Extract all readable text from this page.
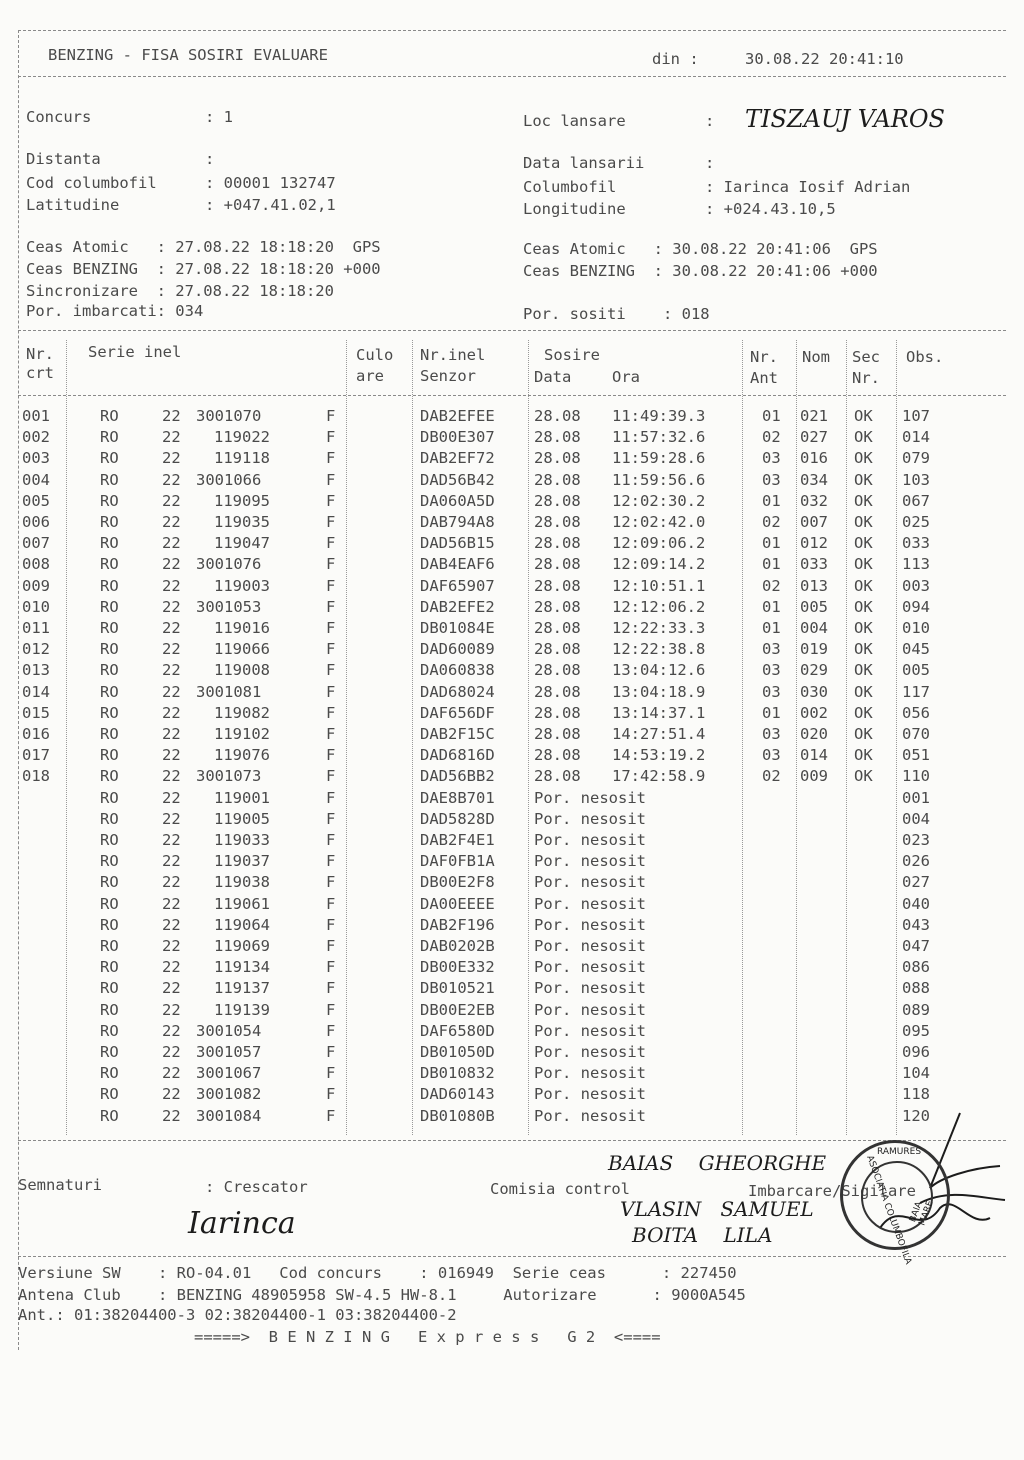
BENZING - FISA SOSIRI EVALUARE	din :	30.08.22 20:41:10
Concurs	: 1
Distanta	:
Cod columbofil	: 00001 132747
Latitudine	: +047.41.02,1
Loc lansare	: TISZAUJ VAROS
Data lansarii	:
Columbofil	: Iarinca Iosif Adrian
Longitudine	: +024.43.10,5
Ceas Atomic   : 27.08.22 18:18:20  GPS
Ceas BENZING  : 27.08.22 18:18:20 +000
Sincronizare  : 27.08.22 18:18:20
Por. imbarcati: 034
Ceas Atomic   : 30.08.22 20:41:06  GPS
Ceas BENZING  : 30.08.22 20:41:06 +000
Por. sositi    : 018
Nr.
crt
Serie inel	Culo
are
Nr.inel
Senzor
Sosire
Data	Ora
Nr.
Ant
Nom Sec
Nr.
Obs.
001	RO	22 3001070	F	DAB2EFEE	28.08 11:49:39.3	01 021 OK 107
002	RO	22 119022	F	DB00E307	28.08 11:57:32.6	02 027 OK 014
003	RO	22 119118	F	DAB2EF72	28.08 11:59:28.6	03 016 OK 079
004	RO	22 3001066	F	DAD56B42	28.08 11:59:56.6	03 034 OK 103
005	RO	22 119095	F	DA060A5D	28.08 12:02:30.2	01 032 OK 067
006	RO	22 119035	F	DAB794A8	28.08 12:02:42.0	02 007 OK 025
007	RO	22 119047	F	DAD56B15	28.08 12:09:06.2	01 012 OK 033
008	RO	22 3001076	F	DAB4EAF6	28.08 12:09:14.2	01 033 OK 113
009	RO	22 119003	F	DAF65907	28.08 12:10:51.1	02 013 OK 003
010	RO	22 3001053	F	DAB2EFE2	28.08 12:12:06.2	01 005 OK 094
011	RO	22 119016	F	DB01084E	28.08 12:22:33.3	01 004 OK 010
012	RO	22 119066	F	DAD60089	28.08 12:22:38.8	03 019 OK 045
013	RO	22 119008	F	DA060838	28.08 13:04:12.6	03 029 OK 005
014	RO	22 3001081	F	DAD68024	28.08 13:04:18.9	03 030 OK 117
015	RO	22 119082	F	DAF656DF	28.08 13:14:37.1	01 002 OK 056
016	RO	22 119102	F	DAB2F15C	28.08 14:27:51.4	03 020 OK 070
017	RO	22 119076	F	DAD6816D	28.08 14:53:19.2	03 014 OK 051
018	RO	22 3001073	F	DAD56BB2	28.08 17:42:58.9	02 009 OK 110
RO	22 119001	F	DAE8B701	Por. nesosit	001
RO	22 119005	F	DAD5828D	Por. nesosit	004
RO	22 119033	F	DAB2F4E1	Por. nesosit	023
RO	22 119037	F	DAF0FB1A	Por. nesosit	026
RO	22 119038	F	DB00E2F8	Por. nesosit	027
RO	22 119061	F	DA00EEEE	Por. nesosit	040
RO	22 119064	F	DAB2F196	Por. nesosit	043
RO	22 119069	F	DAB0202B	Por. nesosit	047
RO	22 119134	F	DB00E332	Por. nesosit	086
RO	22 119137	F	DB010521	Por. nesosit	088
RO	22 119139	F	DB00E2EB	Por. nesosit	089
RO	22 3001054	F	DAF6580D	Por. nesosit	095
RO	22 3001057	F	DB01050D	Por. nesosit	096
RO	22 3001067	F	DB010832	Por. nesosit	104
RO	22 3001082	F	DAD60143	Por. nesosit	118
RO	22 3001084	F	DB01080B	Por. nesosit	120
Semnaturi	: Crescator	Comisia control	Imbarcare/Sigilare
BAIAS    GHEORGHE
VLASIN   SAMUEL
BOITA    LILA
Iarinca
RAMURES
BAIA MARE
ASOCIATIA COLUMBOFILA
Versiune SW    : RO-04.01   Cod concurs    : 016949  Serie ceas      : 227450
Antena Club    : BENZING 48905958 SW-4.5 HW-8.1     Autorizare      : 9000A545
Ant.: 01:38204400-3 02:38204400-1 03:38204400-2
=====>  B E N Z I N G   E x p r e s s   G 2  <====
